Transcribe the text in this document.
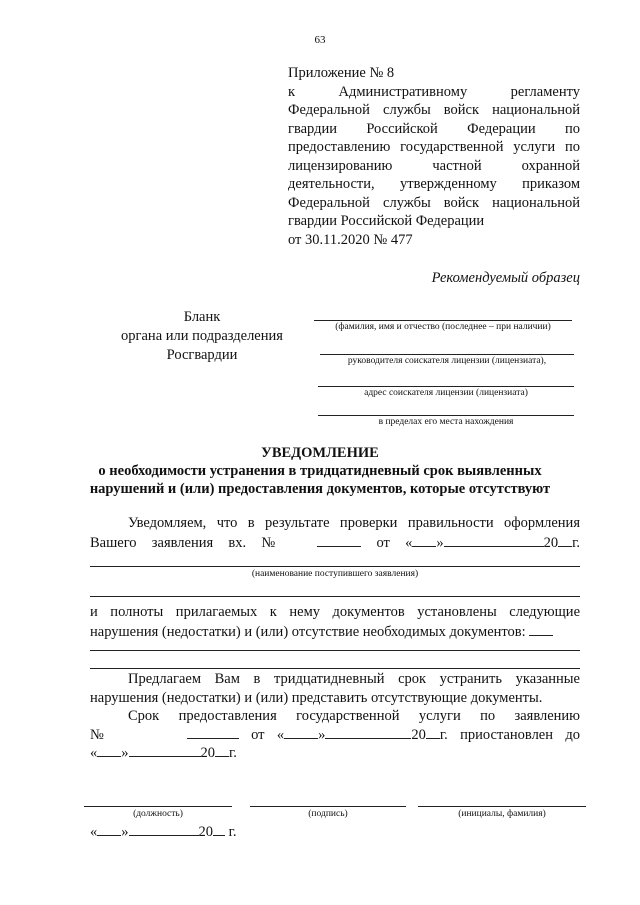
63
Приложение № 8
к Административному регламенту
Федеральной службы войск национальной
гвардии Российской Федерации по
предоставлению государственной услуги по
лицензированию частной охранной
деятельности, утвержденному приказом
Федеральной службы войск национальной
гвардии Российской Федерации
от 30.11.2020 № 477
Рекомендуемый образец
Бланк
органа или подразделения
Росгвардии
(фамилия, имя и отчество (последнее – при наличии)
руководителя соискателя лицензии (лицензиата),
адрес соискателя лицензии (лицензиата)
в пределах его места нахождения
УВЕДОМЛЕНИЕ
о необходимости устранения в тридцатидневный срок выявленных
нарушений и (или) предоставления документов, которые отсутствуют
Уведомляем, что в результате проверки правильности оформления
Вашего заявления вх. №	от « »	20 г.
(наименование поступившего заявления)
и полноты прилагаемых к нему документов установлены следующие
нарушения (недостатки) и (или) отсутствие необходимых документов:
Предлагаем Вам в тридцатидневный срок устранить указанные
нарушения (недостатки) и (или) представить отсутствующие документы.
Срок предоставления государственной услуги по заявлению
№	от « »	20 г. приостановлен до
« »	20 г.
(должность)	(подпись)	(инициалы, фамилия)
« »	20 г.
